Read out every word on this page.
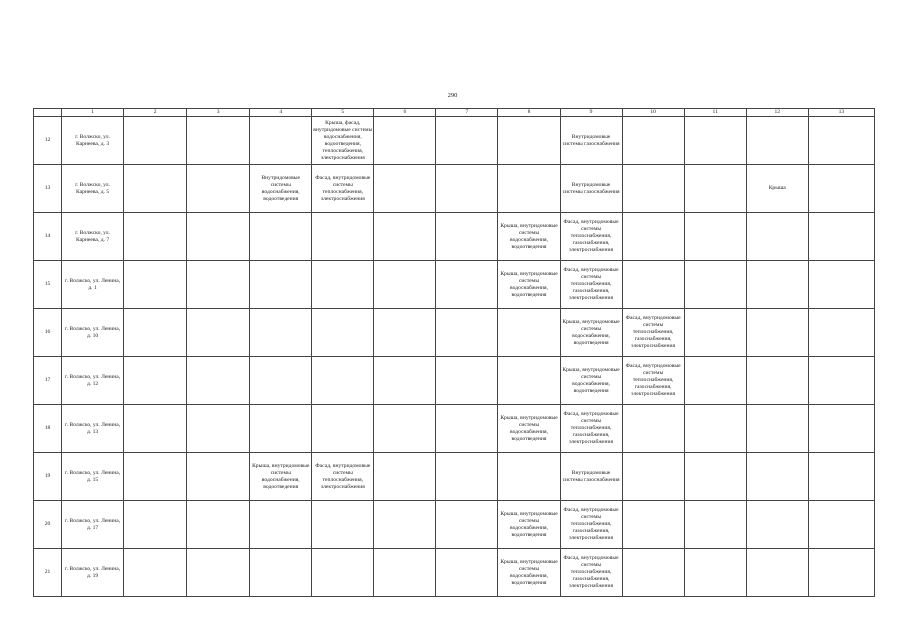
290
	1	2	3	4	5	6	7	8	9	10	11	12	13
12	г. Волжско, ул. Карнеева, д. 3				Крыша, фасад, внутридомовые системы водоснабжения, водоотведения, теплоснабжения, электроснабжения				Внутридомовые системы газоснабжения				

13	г. Волжско, ул. Карнеева, д. 5			Внутридомовые системы водоснабжения, водоотведения	Фасад, внутридомовые системы теплоснабжения, электроснабжения				Внутридомовые системы газоснабжения			Крыша	

14	г. Волжско, ул. Карнеева, д. 7							Крыша, внутридомовые системы водоснабжения, водоотведения	Фасад, внутридомовые системы теплоснабжения, газоснабжения, электроснабжения				

15	г. Волжско, ул. Ленина, д. 1							Крыша, внутридомовые системы водоснабжения, водоотведения	Фасад, внутридомовые системы теплоснабжения, газоснабжения, электроснабжения				

16	г. Волжско, ул. Ленина, д. 10								Крыша, внутридомовые системы водоснабжения, водоотведения	Фасад, внутридомовые системы теплоснабжения, газоснабжения, электроснабжения			

17	г. Волжско, ул. Ленина, д. 12								Крыша, внутридомовые системы водоснабжения, водоотведения	Фасад, внутридомовые системы теплоснабжения, газоснабжения, электроснабжения			

18	г. Волжско, ул. Ленина, д. 13							Крыша, внутридомовые системы водоснабжения, водоотведения	Фасад, внутридомовые системы теплоснабжения, газоснабжения, электроснабжения				

19	г. Волжско, ул. Ленина, д. 15			Крыша, внутридомовые системы водоснабжения, водоотведения	Фасад, внутридомовые системы теплоснабжения, электроснабжения				Внутридомовые системы газоснабжения				

20	г. Волжско, ул. Ленина, д. 17							Крыша, внутридомовые системы водоснабжения, водоотведения	Фасад, внутридомовые системы теплоснабжения, газоснабжения, электроснабжения				

21	г. Волжско, ул. Ленина, д. 19							Крыша, внутридомовые системы водоснабжения, водоотведения	Фасад, внутридомовые системы теплоснабжения, газоснабжения, электроснабжения				
